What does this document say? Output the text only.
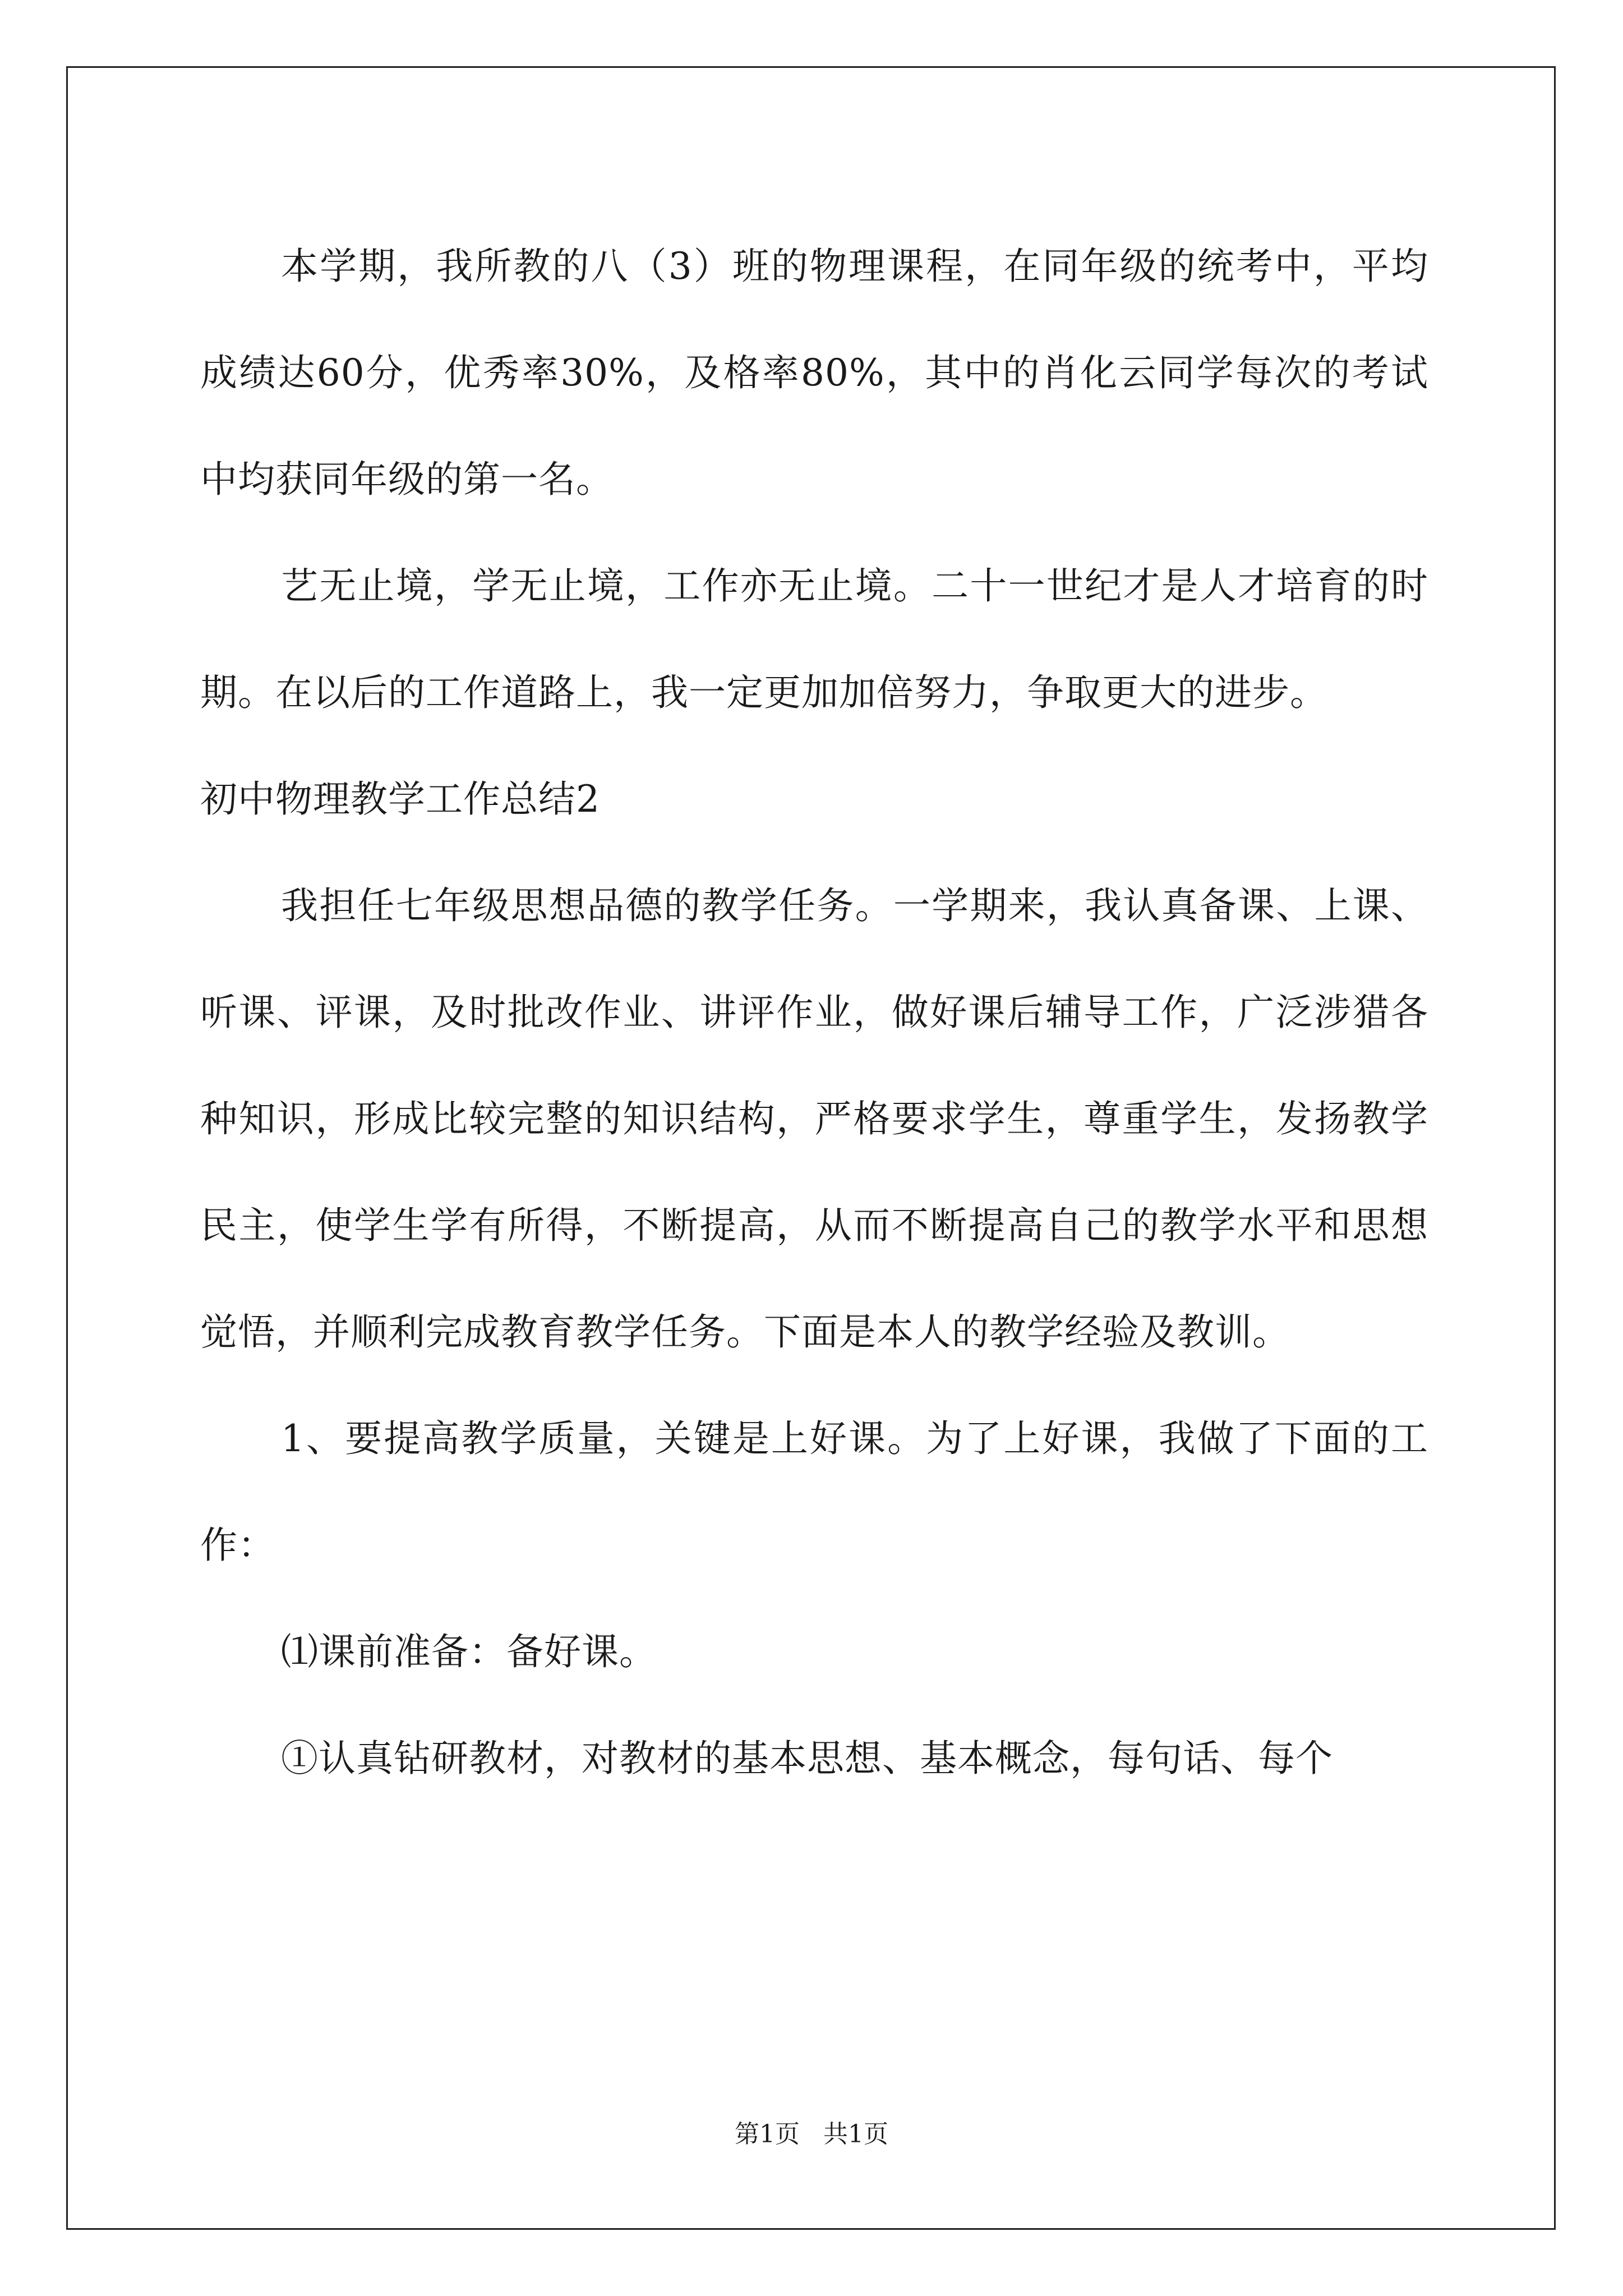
本学期，我所教的八（3）班的物理课程，在同年级的统考中，平均成绩达60分，优秀率30%，及格率80%，其中的肖化云同学每次的考试中均获同年级的第一名。

艺无止境，学无止境，工作亦无止境。二十一世纪才是人才培育的时期。在以后的工作道路上，我一定更加加倍努力，争取更大的进步。

初中物理教学工作总结2

我担任七年级思想品德的教学任务。一学期来，我认真备课、上课、听课、评课，及时批改作业、讲评作业，做好课后辅导工作，广泛涉猎各种知识，形成比较完整的知识结构，严格要求学生，尊重学生，发扬教学民主，使学生学有所得，不断提高，从而不断提高自己的教学水平和思想觉悟，并顺利完成教育教学任务。下面是本人的教学经验及教训。

1、要提高教学质量，关键是上好课。为了上好课，我做了下面的工作：

⑴课前准备：备好课。

①认真钻研教材，对教材的基本思想、基本概念，每句话、每个

第1页 共1页
